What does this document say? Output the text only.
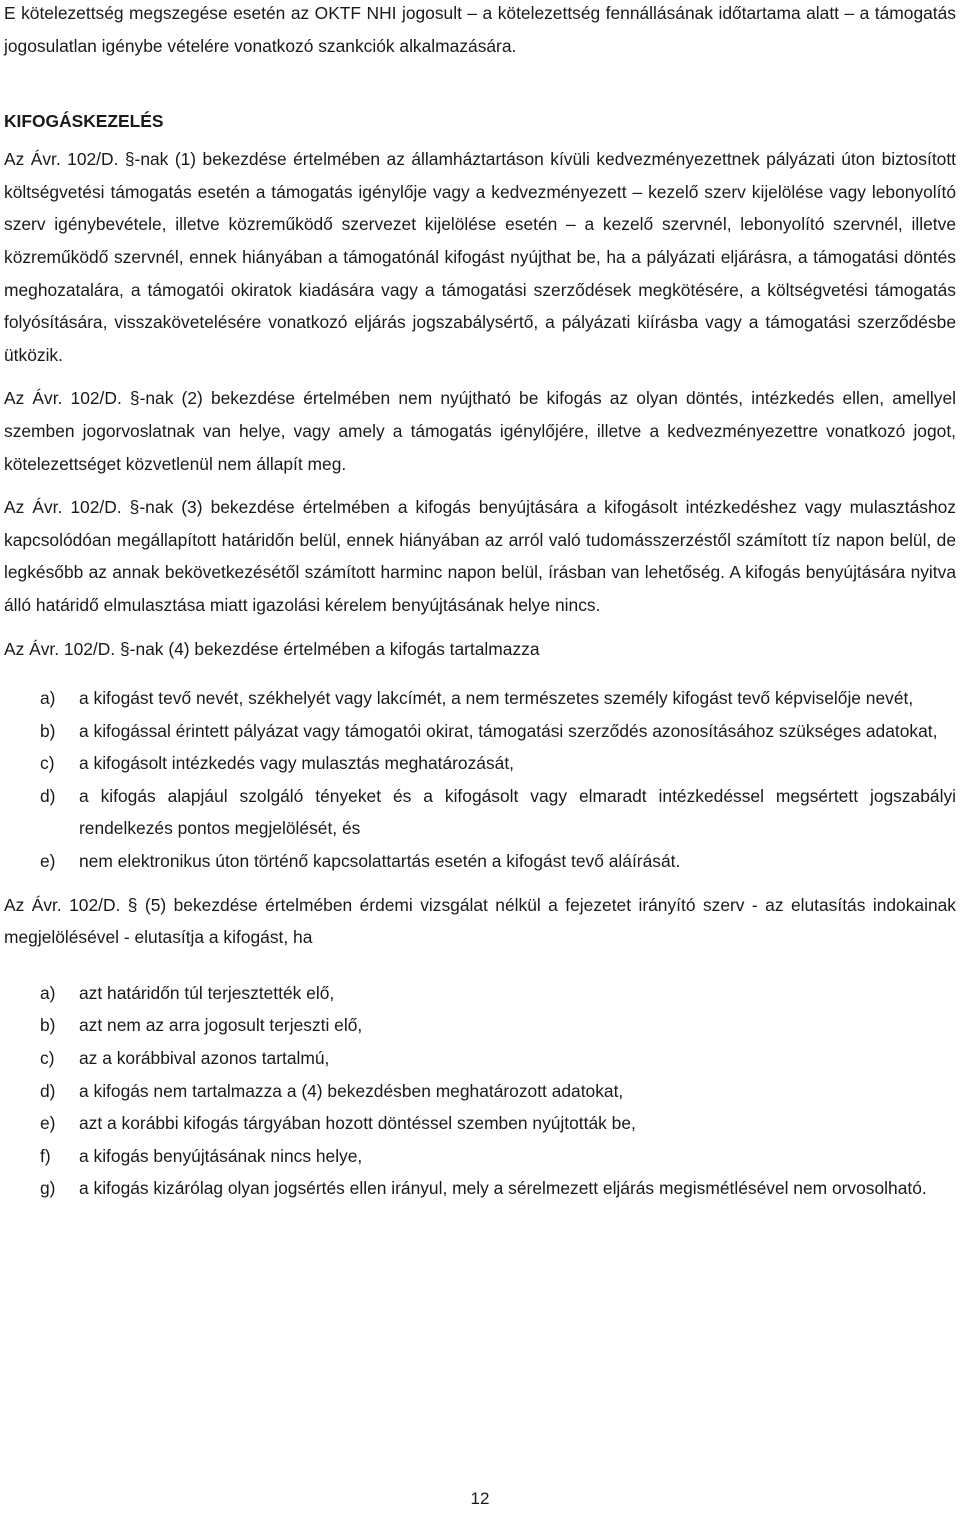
E kötelezettség megszegése esetén az OKTF NHI jogosult – a kötelezettség fennállásának időtartama alatt – a támogatás jogosulatlan igénybe vételére vonatkozó szankciók alkalmazására.

KIFOGÁSKEZELÉS

Az Ávr. 102/D. §-nak (1) bekezdése értelmében az államháztartáson kívüli kedvezményezettnek pályázati úton biztosított költségvetési támogatás esetén a támogatás igénylője vagy a kedvezményezett – kezelő szerv kijelölése vagy lebonyolító szerv igénybevétele, illetve közreműködő szervezet kijelölése esetén – a kezelő szervnél, lebonyolító szervnél, illetve közreműködő szervnél, ennek hiányában a támogatónál kifogást nyújthat be, ha a pályázati eljárásra, a támogatási döntés meghozatalára, a támogatói okiratok kiadására vagy a támogatási szerződések megkötésére, a költségvetési támogatás folyósítására, visszakövetelésére vonatkozó eljárás jogszabálysértő, a pályázati kiírásba vagy a támogatási szerződésbe ütközik.

Az Ávr. 102/D. §-nak (2) bekezdése értelmében nem nyújtható be kifogás az olyan döntés, intézkedés ellen, amellyel szemben jogorvoslatnak van helye, vagy amely a támogatás igénylőjére, illetve a kedvezményezettre vonatkozó jogot, kötelezettséget közvetlenül nem állapít meg.

Az Ávr. 102/D. §-nak (3) bekezdése értelmében a kifogás benyújtására a kifogásolt intézkedéshez vagy mulasztáshoz kapcsolódóan megállapított határidőn belül, ennek hiányában az arról való tudomásszerzéstől számított tíz napon belül, de legkésőbb az annak bekövetkezésétől számított harminc napon belül, írásban van lehetőség. A kifogás benyújtására nyitva álló határidő elmulasztása miatt igazolási kérelem benyújtásának helye nincs.

Az Ávr. 102/D. §-nak (4) bekezdése értelmében a kifogás tartalmazza

a) a kifogást tevő nevét, székhelyét vagy lakcímét, a nem természetes személy kifogást tevő képviselője nevét,
b) a kifogással érintett pályázat vagy támogatói okirat, támogatási szerződés azonosításához szükséges adatokat,
c) a kifogásolt intézkedés vagy mulasztás meghatározását,
d) a kifogás alapjául szolgáló tényeket és a kifogásolt vagy elmaradt intézkedéssel megsértett jogszabályi rendelkezés pontos megjelölését, és
e) nem elektronikus úton történő kapcsolattartás esetén a kifogást tevő aláírását.

Az Ávr. 102/D. § (5) bekezdése értelmében érdemi vizsgálat nélkül a fejezetet irányító szerv - az elutasítás indokainak megjelölésével - elutasítja a kifogást, ha

a) azt határidőn túl terjesztették elő,
b) azt nem az arra jogosult terjeszti elő,
c) az a korábbival azonos tartalmú,
d) a kifogás nem tartalmazza a (4) bekezdésben meghatározott adatokat,
e) azt a korábbi kifogás tárgyában hozott döntéssel szemben nyújtották be,
f) a kifogás benyújtásának nincs helye,
g) a kifogás kizárólag olyan jogsértés ellen irányul, mely a sérelmezett eljárás megismétlésével nem orvosolható.
12
